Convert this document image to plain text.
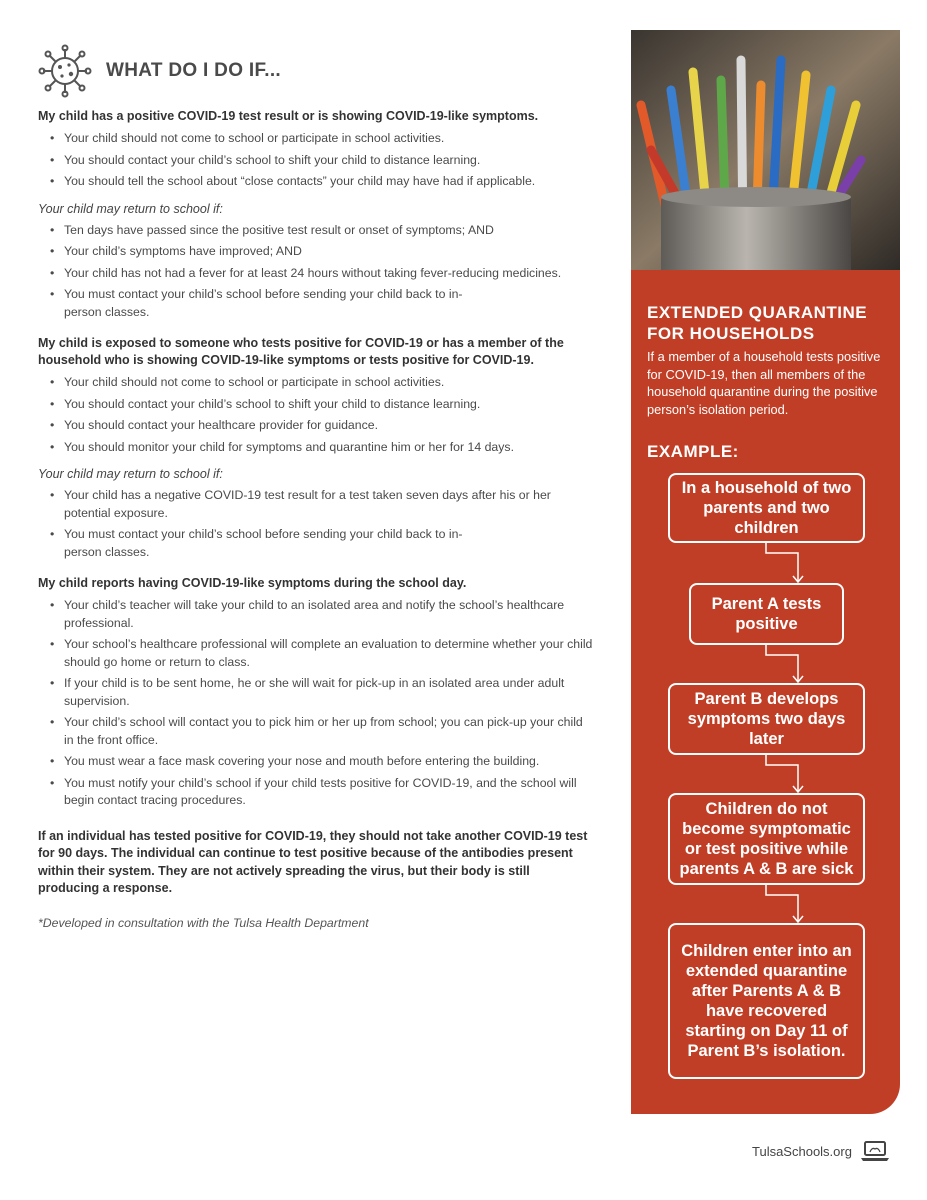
WHAT DO I DO IF...

My child has a positive COVID-19 test result or is showing COVID-19-like symptoms.

• Your child should not come to school or participate in school activities.
• You should contact your child’s school to shift your child to distance learning.
• You should tell the school about “close contacts” your child may have had if applicable.

Your child may return to school if:

• Ten days have passed since the positive test result or onset of symptoms; AND
• Your child’s symptoms have improved; AND
• Your child has not had a fever for at least 24 hours without taking fever-reducing medicines.
• You must contact your child’s school before sending your child back to in-person classes.

My child is exposed to someone who tests positive for COVID-19 or has a member of the household who is showing COVID-19-like symptoms or tests positive for COVID-19.

• Your child should not come to school or participate in school activities.
• You should contact your child’s school to shift your child to distance learning.
• You should contact your healthcare provider for guidance.
• You should monitor your child for symptoms and quarantine him or her for 14 days.

Your child may return to school if:

• Your child has a negative COVID-19 test result for a test taken seven days after his or her potential exposure.
• You must contact your child’s school before sending your child back to in-person classes.

My child reports having COVID-19-like symptoms during the school day.

• Your child’s teacher will take your child to an isolated area and notify the school’s healthcare professional.
• Your school’s healthcare professional will complete an evaluation to determine whether your child should go home or return to class.
• If your child is to be sent home, he or she will wait for pick-up in an isolated area under adult supervision.
• Your child’s school will contact you to pick him or her up from school; you can pick-up your child in the front office.
• You must wear a face mask covering your nose and mouth before entering the building.
• You must notify your child’s school if your child tests positive for COVID-19, and the school will begin contact tracing procedures.

If an individual has tested positive for COVID-19, they should not take another COVID-19 test for 90 days. The individual can continue to test positive because of the antibodies present within their system. They are not actively spreading the virus, but their body is still producing a response.

*Developed in consultation with the Tulsa Health Department

EXTENDED QUARANTINE FOR HOUSEHOLDS
If a member of a household tests positive for COVID-19, then all members of the household quarantine during the positive person’s isolation period.
EXAMPLE:
In a household of two parents and two children
Parent A tests positive
Parent B develops symptoms two days later
Children do not become symptomatic or test positive while parents A & B are sick
Children enter into an extended quarantine after Parents A & B have recovered starting on Day 11 of Parent B’s isolation.
TulsaSchools.org
